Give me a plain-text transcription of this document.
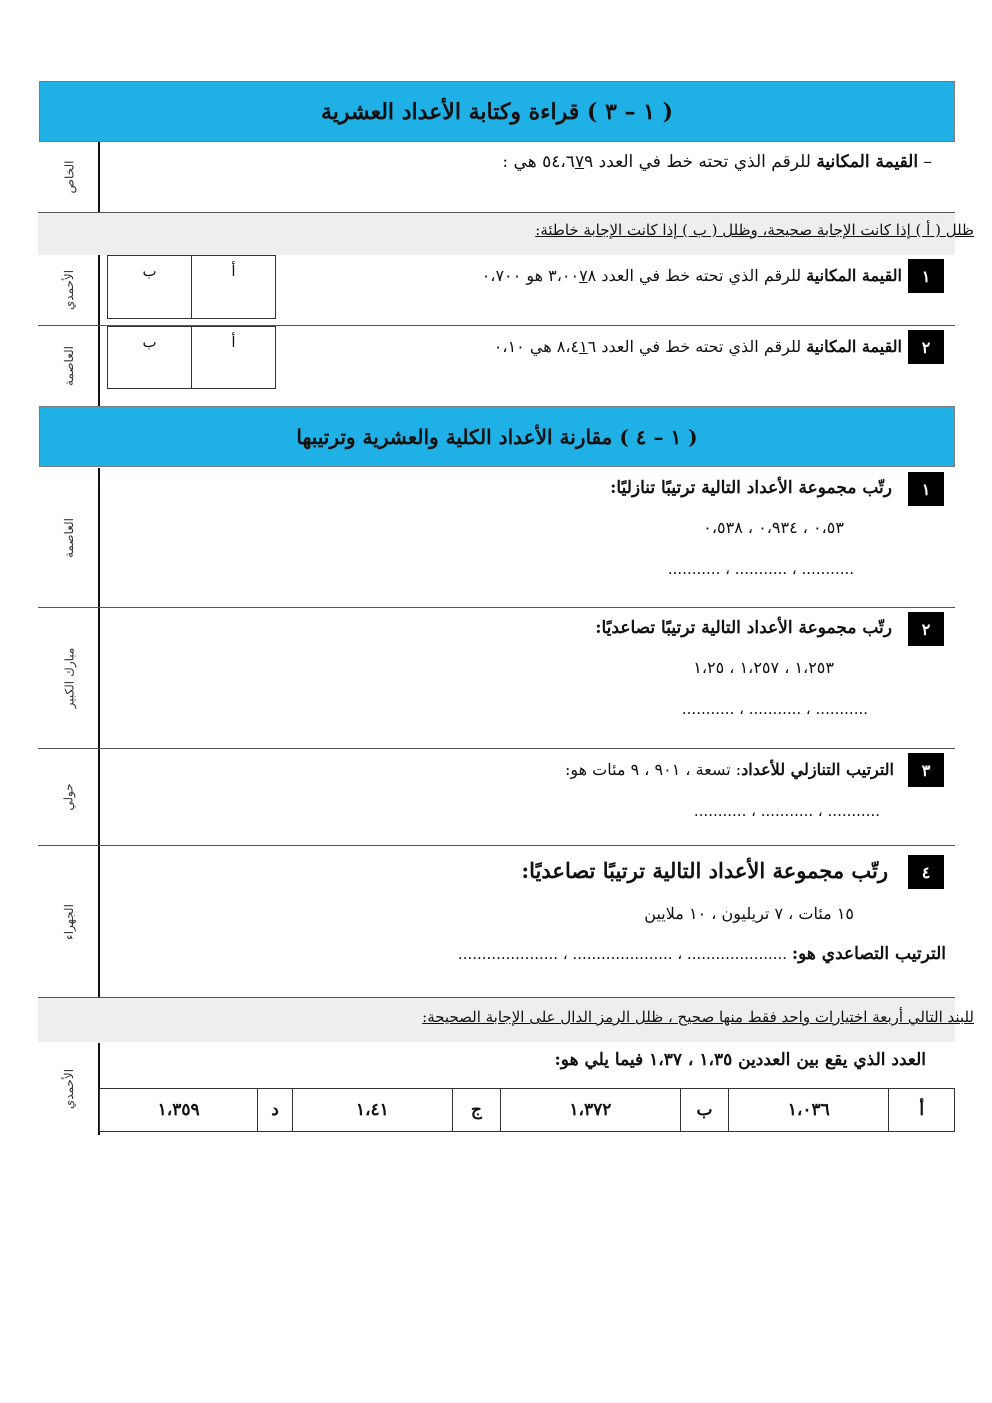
( ١ – ٣ ) قراءة وكتابة الأعداد العشرية
الخاص	– القيمة المكانية للرقم الذي تحته خط في العدد ٥٤،٦٧٩ هي :
ظلل ( أ ) إذا كانت الإجابة صحيحة، وظلل ( ب ) إذا كانت الإجابة خاطئة:
الأحمدي	١
القيمة المكانية للرقم الذي تحته خط في العدد ٣،٠٠٧٨ هو ٠،٧٠٠
ب	أ
العاصمة	٢
القيمة المكانية للرقم الذي تحته خط في العدد ٨،٤١٦ هي ٠،١٠
ب	أ
( ١ – ٤ ) مقارنة الأعداد الكلية والعشرية وترتيبها
العاصمة
١
رتّب مجموعة الأعداد التالية ترتيبًا تنازليًا:
٠،٥٣ ، ٠،٩٣٤ ، ٠،٥٣٨
........... ، ........... ، ...........
مبارك الكبير
٢
رتّب مجموعة الأعداد التالية ترتيبًا تصاعديًا:
١،٢٥٣ ، ١،٢٥٧ ، ١،٢٥
........... ، ........... ، ...........
حولي
٣
الترتيب التنازلي للأعداد: تسعة ، ٩٠١ ، ٩ مئات هو:
........... ، ........... ، ...........
الجهراء
٤
رتّب مجموعة الأعداد التالية ترتيبًا تصاعديًا:
١٥ مئات ، ٧ تريليون ، ١٠ ملايين
الترتيب التصاعدي هو: ..................... ، ..................... ، .....................
للبند التالي أربعة اختيارات واحد فقط منها صحيح ، ظلل الرمز الدال على الإجابة الصحيحة:
الأحمدي
العدد الذي يقع بين العددين ١،٣٥ ، ١،٣٧ فيما يلي هو:
أ	١،٠٣٦	ب	١،٣٧٢	ج	١،٤١	د	١،٣٥٩
